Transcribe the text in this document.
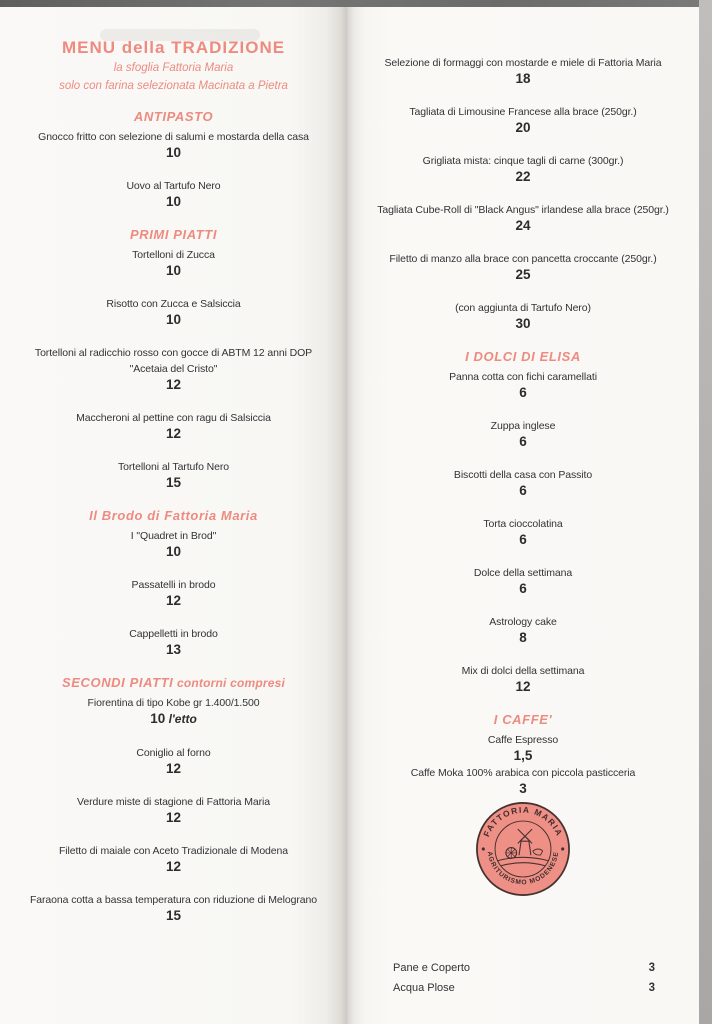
MENU della TRADIZIONE
la sfoglia Fattoria Maria
solo con farina selezionata Macinata a Pietra
ANTIPASTO
Gnocco fritto con selezione di salumi e mostarda della casa
10
Uovo al Tartufo Nero
10
PRIMI PIATTI
Tortelloni di Zucca
10
Risotto con Zucca e Salsiccia
10
Tortelloni al radicchio rosso con gocce di ABTM 12 anni DOP
"Acetaia del Cristo"
12
Maccheroni al pettine con ragu di Salsiccia
12
Tortelloni al Tartufo Nero
15
Il Brodo di Fattoria Maria
I "Quadret in Brod"
10
Passatelli in brodo
12
Cappelletti in brodo
13
SECONDI PIATTI contorni compresi
Fiorentina di tipo Kobe gr 1.400/1.500
10 l'etto
Coniglio al forno
12
Verdure miste di stagione di Fattoria Maria
12
Filetto di maiale con Aceto Tradizionale di Modena
12
Faraona cotta a bassa temperatura con riduzione di Melograno
15
Selezione di formaggi con mostarde e miele di Fattoria Maria
18
Tagliata di Limousine Francese alla brace (250gr.)
20
Grigliata mista: cinque tagli di carne (300gr.)
22
Tagliata Cube-Roll di "Black Angus" irlandese alla brace (250gr.)
24
Filetto di manzo alla brace con pancetta croccante (250gr.)
25
(con aggiunta di Tartufo Nero)
30
I DOLCI DI ELISA
Panna cotta con fichi caramellati
6
Zuppa inglese
6
Biscotti della casa con Passito
6
Torta cioccolatina
6
Dolce della settimana
6
Astrology cake
8
Mix di dolci della settimana
12
I CAFFE'
Caffe Espresso
1,5
Caffe Moka 100% arabica con piccola pasticceria
3
FATTORIA MARIA
AGRITURISMO MODENESE
Pane e Coperto	3
Acqua Plose	3
